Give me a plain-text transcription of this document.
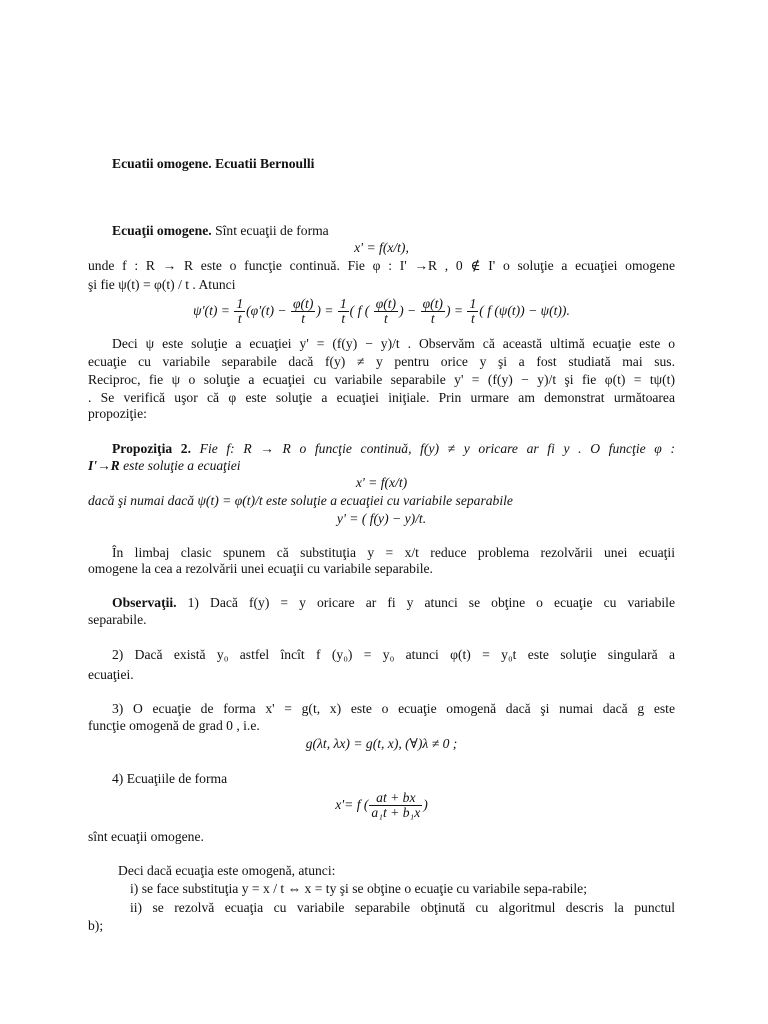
Ecuatii omogene. Ecuatii Bernoulli
Ecuaţii omogene. Sînt ecuaţii de forma
x' = f(x/t),
unde f : R → R este o funcţie continuă. Fie φ : I' →R , 0 ∉ I' o soluţie a ecuaţiei omogene
şi fie ψ(t) = φ(t) / t . Atunci
$\psi'(t) = \frac{1}{t} (\varphi'(t) - \frac{\varphi(t)}{t}$ ) = $\frac{1}{t}$ ( f ( $\frac{\varphi(t)}{t}$ ) − $\frac{\varphi(t)}{t}$ ) = $\frac{1}{t}$ ( f (ψ(t)) − ψ(t)).
Deci ψ este soluţie a ecuaţiei y' = (f(y) − y)/t . Observăm că această ultimă ecuaţie este o
ecuaţie cu variabile separabile dacă f(y) ≠ y pentru orice y şi a fost studiată mai sus.
Reciproc, fie ψ o soluţie a ecuaţiei cu variabile separabile y' = (f(y) − y)/t şi fie φ(t) = tψ(t)
. Se verifică uşor că φ este soluţie a ecuaţiei iniţiale. Prin urmare am demonstrat următoarea
propoziţie:
Propoziţia 2. Fie f: R → R o funcţie continuă, f(y) ≠ y oricare ar fi y . O funcţie φ :
I'→R este soluţie a ecuaţiei
x' = f(x/t)
dacă şi numai dacă ψ(t) = φ(t)/t este soluţie a ecuaţiei cu variabile separabile
y' = ( f(y) − y)/t.
În limbaj clasic spunem că substituţia y = x/t reduce problema rezolvării unei ecuaţii
omogene la cea a rezolvării unei ecuaţii cu variabile separabile.
Observaţii. 1) Dacă f(y) = y oricare ar fi y atunci se obţine o ecuaţie cu variabile
separabile.
2) Dacă există y₀ astfel încît f (y₀) = y₀ atunci φ(t) = y₀t este soluţie singulară a
ecuaţiei.
3) O ecuaţie de forma x' = g(t, x) este o ecuaţie omogenă dacă şi numai dacă g este
funcţie omogenă de grad 0 , i.e.
g(λt, λx) = g(t, x), (∀)λ ≠ 0 ;
4) Ecuaţiile de forma
x'= f ( $\frac{at + bx}{\text{a₁t + b₁x}}$ )
sînt ecuaţii omogene.
Deci dacă ecuaţia este omogenă, atunci:
i) se face substituţia y = x / t ⇔ x = ty şi se obţine o ecuaţie cu variabile sepa-rabile;
ii) se rezolvă ecuaţia cu variabile separabile obţinută cu algoritmul descris la punctul
b);
